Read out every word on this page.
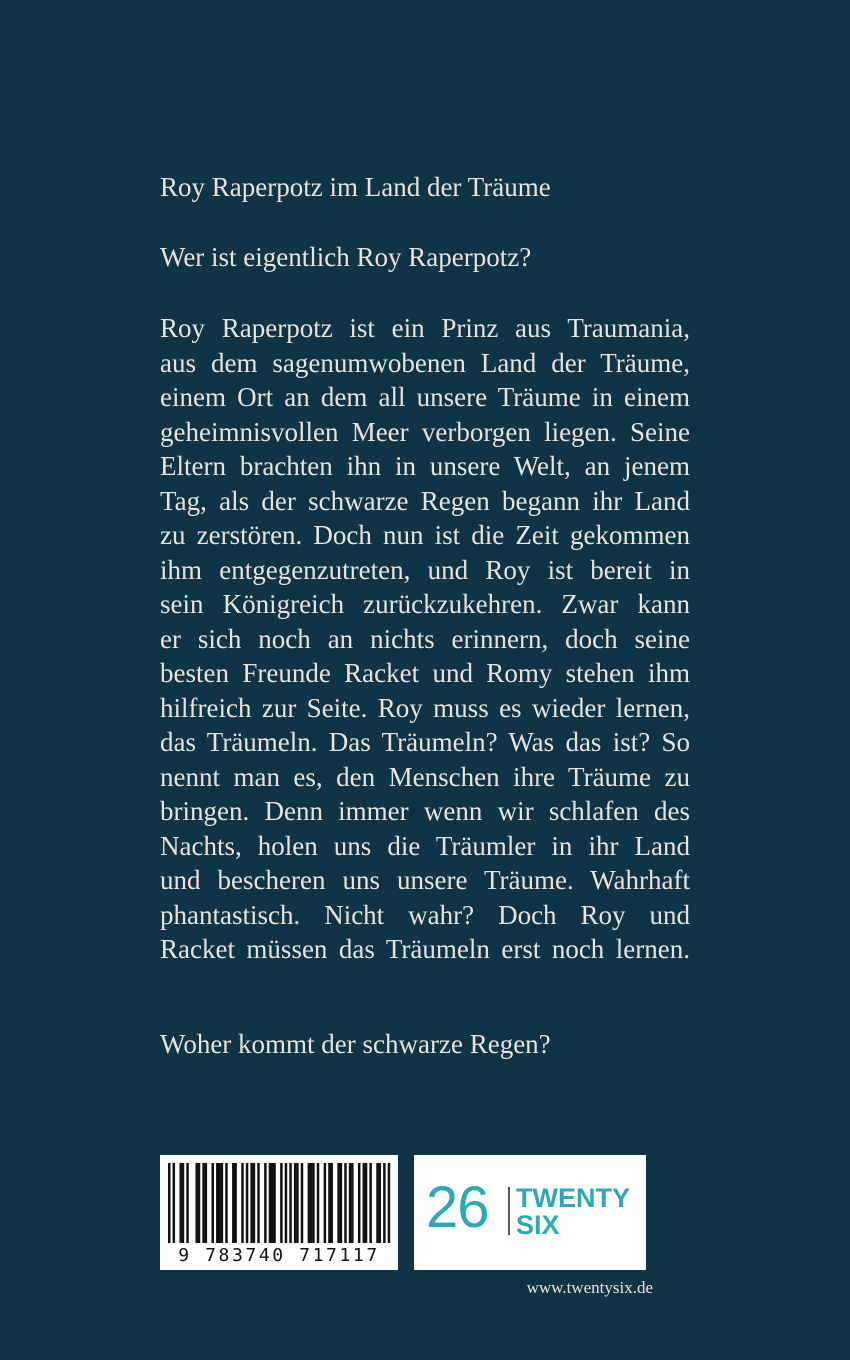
Roy Raperpotz im Land der Träume
Wer ist eigentlich Roy Raperpotz?
Roy Raperpotz ist ein Prinz aus Traumania,
aus dem sagenumwobenen Land der Träume,
einem Ort an dem all unsere Träume in einem
geheimnisvollen Meer verborgen liegen. Seine
Eltern brachten ihn in unsere Welt, an jenem
Tag, als der schwarze Regen begann ihr Land
zu zerstören. Doch nun ist die Zeit gekommen
ihm entgegenzutreten, und Roy ist bereit in
sein Königreich zurückzukehren. Zwar kann
er sich noch an nichts erinnern, doch seine
besten Freunde Racket und Romy stehen ihm
hilfreich zur Seite. Roy muss es wieder lernen,
das Träumeln. Das Träumeln? Was das ist? So
nennt man es, den Menschen ihre Träume zu
bringen. Denn immer wenn wir schlafen des
Nachts, holen uns die Träumler in ihr Land
und bescheren uns unsere Träume. Wahrhaft
phantastisch. Nicht wahr? Doch Roy und
Racket müssen das Träumeln erst noch lernen.
Woher kommt der schwarze Regen?
9 783740 717117
26 TWENTY
SIX
www.twentysix.de
